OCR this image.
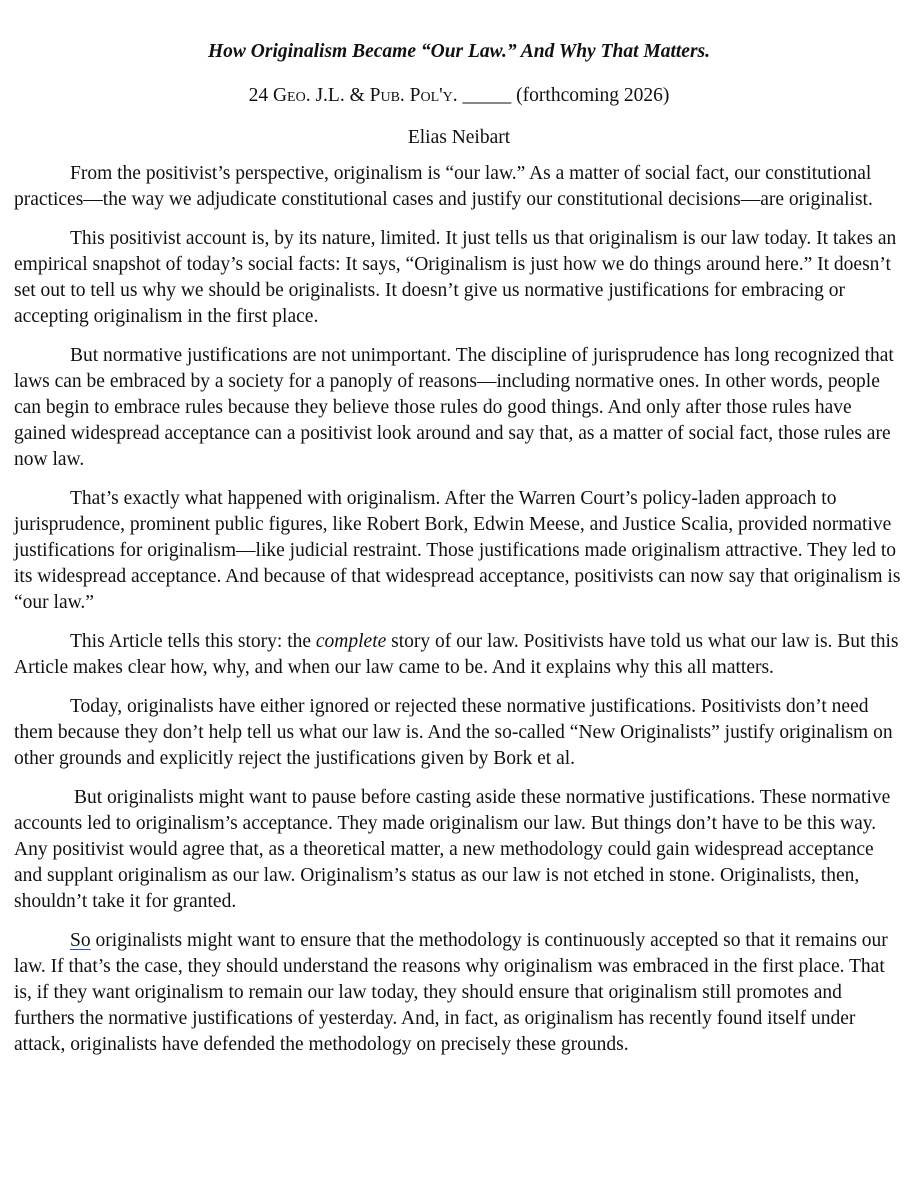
How Originalism Became “Our Law.” And Why That Matters.
24 Geo. J.L. & Pub. Pol'y. _____ (forthcoming 2026)
Elias Neibart

From the positivist’s perspective, originalism is “our law.” As a matter of social fact, our constitutional practices—the way we adjudicate constitutional cases and justify our constitutional decisions—are originalist.

This positivist account is, by its nature, limited. It just tells us that originalism is our law today. It takes an empirical snapshot of today’s social facts: It says, “Originalism is just how we do things around here.” It doesn’t set out to tell us why we should be originalists. It doesn’t give us normative justifications for embracing or accepting originalism in the first place.

But normative justifications are not unimportant. The discipline of jurisprudence has long recognized that laws can be embraced by a society for a panoply of reasons—including normative ones. In other words, people can begin to embrace rules because they believe those rules do good things. And only after those rules have gained widespread acceptance can a positivist look around and say that, as a matter of social fact, those rules are now law.

That’s exactly what happened with originalism. After the Warren Court’s policy-laden approach to jurisprudence, prominent public figures, like Robert Bork, Edwin Meese, and Justice Scalia, provided normative justifications for originalism—like judicial restraint. Those justifications made originalism attractive. They led to its widespread acceptance. And because of that widespread acceptance, positivists can now say that originalism is “our law.”

This Article tells this story: the complete story of our law. Positivists have told us what our law is. But this Article makes clear how, why, and when our law came to be. And it explains why this all matters.

Today, originalists have either ignored or rejected these normative justifications. Positivists don’t need them because they don’t help tell us what our law is. And the so-called “New Originalists” justify originalism on other grounds and explicitly reject the justifications given by Bork et al.

But originalists might want to pause before casting aside these normative justifications. These normative accounts led to originalism’s acceptance. They made originalism our law. But things don’t have to be this way. Any positivist would agree that, as a theoretical matter, a new methodology could gain widespread acceptance and supplant originalism as our law. Originalism’s status as our law is not etched in stone. Originalists, then, shouldn’t take it for granted.

So originalists might want to ensure that the methodology is continuously accepted so that it remains our law. If that’s the case, they should understand the reasons why originalism was embraced in the first place. That is, if they want originalism to remain our law today, they should ensure that originalism still promotes and furthers the normative justifications of yesterday. And, in fact, as originalism has recently found itself under attack, originalists have defended the methodology on precisely these grounds.
